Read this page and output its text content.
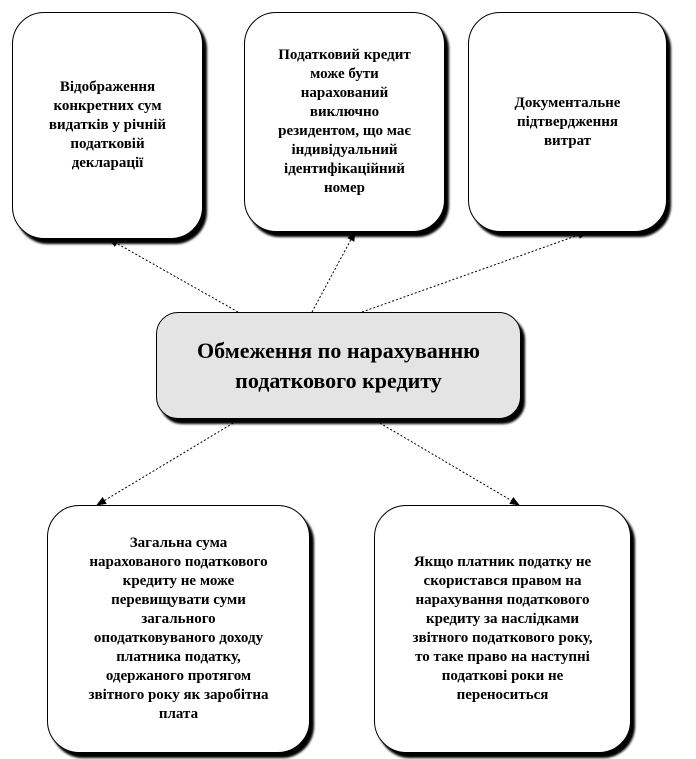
Відображення
конкретних сум
видатків у річній
податковій
декларації
Податковий кредит
може бути
нарахований
виключно
резидентом, що має
індивідуальний
ідентифікаційний
номер
Документальне
підтвердження
витрат
Обмеження по нарахуванню
податкового кредиту
Загальна сума
нарахованого податкового
кредиту не може
перевищувати суми
загального
оподатковуваного доходу
платника податку,
одержаного протягом
звітного року як заробітна
плата
Якщо платник податку не
скористався правом на
нарахування податкового
кредиту за наслідками
звітного податкового року,
то таке право на наступні
податкові роки не
переноситься
